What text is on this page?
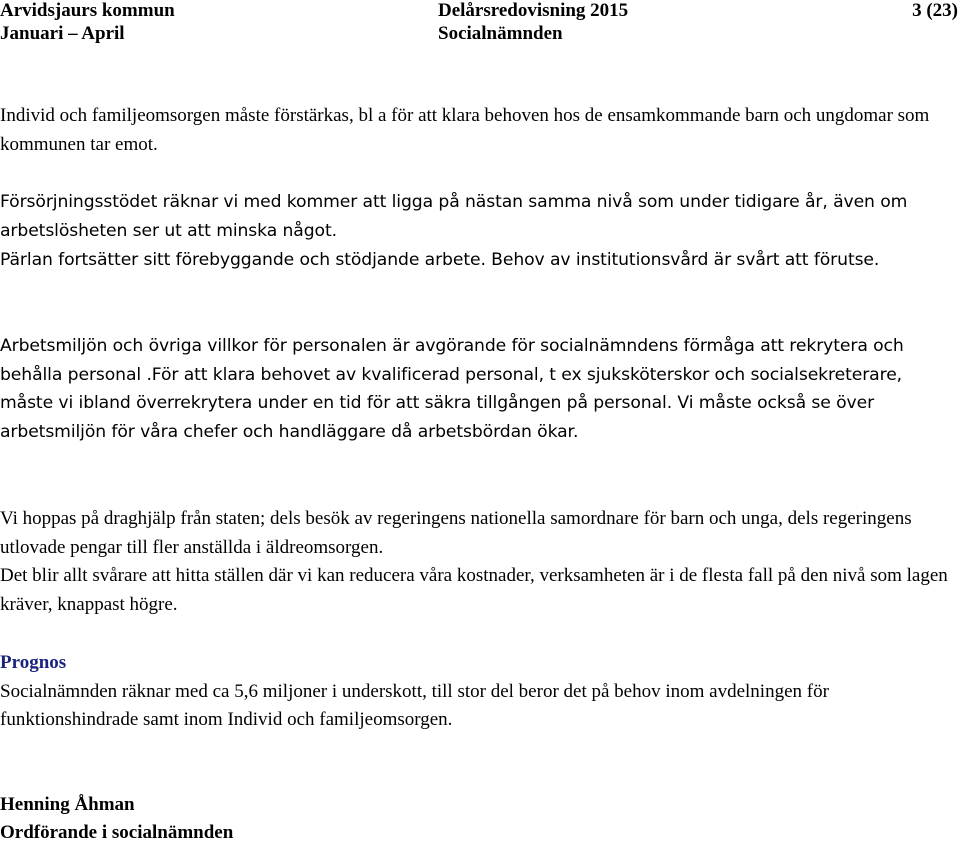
Arvidsjaurs kommun
Januari – April
Delårsredovisning 2015
Socialnämnden
3 (23)

Individ och familjeomsorgen måste förstärkas, bl a för att klara behoven hos de ensamkommande barn och ungdomar som kommunen tar emot.

Försörjningsstödet räknar vi med kommer att ligga på nästan samma nivå som under tidigare år, även om arbetslösheten ser ut att minska något.

Pärlan fortsätter sitt förebyggande och stödjande arbete. Behov av institutionsvård är svårt att förutse.

Arbetsmiljön och övriga villkor för personalen är avgörande för socialnämndens förmåga att rekrytera och behålla personal .För att klara behovet av kvalificerad personal, t ex sjuksköterskor och socialsekreterare, måste vi ibland överrekrytera under en tid för att säkra tillgången på personal. Vi måste också se över arbetsmiljön för våra chefer och handläggare då arbetsbördan ökar.

Vi hoppas på draghjälp från staten; dels besök av regeringens nationella samordnare för barn och unga, dels regeringens utlovade pengar till fler anställda i äldreomsorgen.

Det blir allt svårare att hitta ställen där vi kan reducera våra kostnader, verksamheten är i de flesta fall på den nivå som lagen kräver, knappast högre.

Prognos

Socialnämnden räknar med ca 5,6 miljoner i underskott, till stor del beror det på behov inom avdelningen för funktionshindrade samt inom Individ och familjeomsorgen.

Henning Åhman
Ordförande i socialnämnden
